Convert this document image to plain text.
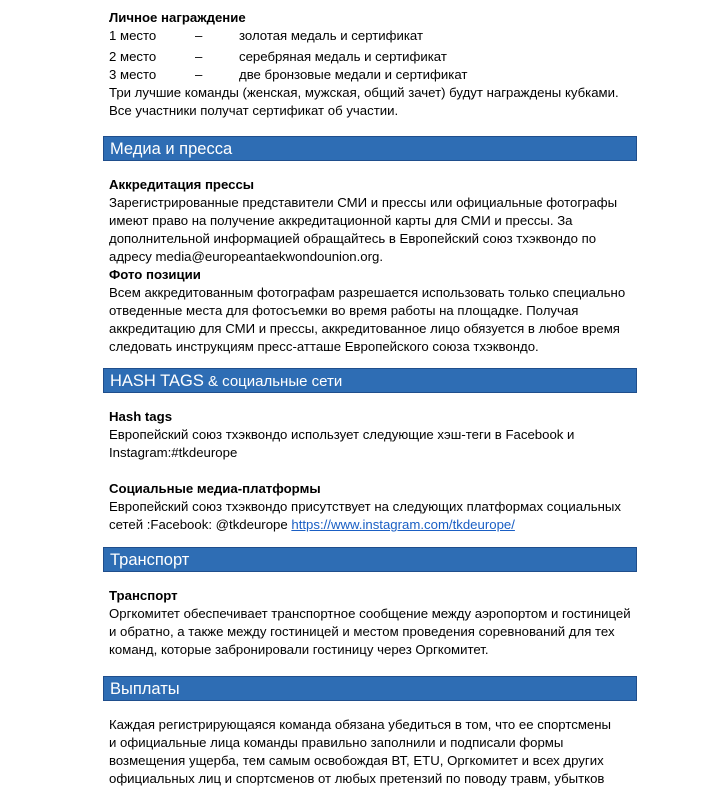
Личное награждение
1 место	–	золотая медаль и сертификат
2 место	–	серебряная медаль и сертификат
3 место	–	две бронзовые медали и сертификат
Три лучшие команды (женская, мужская, общий зачет) будут награждены кубками.
Все участники получат сертификат об участии.
Медиа и пресса
Аккредитация прессы
Зарегистрированные представители СМИ и прессы или официальные фотографы
имеют право на получение аккредитационной карты для СМИ и прессы. За
дополнительной информацией обращайтесь в Европейский союз тхэквондо по
адресу media@europeantaekwondounion.org.
Фото позиции
Всем аккредитованным фотографам разрешается использовать только специально
отведенные места для фотосъемки во время работы на площадке. Получая
аккредитацию для СМИ и прессы, аккредитованное лицо обязуется в любое время
следовать инструкциям пресс-атташе Европейского союза тхэквондо.
HASH TAGS & социальные сети
Hash tags
Европейский союз тхэквондо использует следующие хэш-теги в Facebook и
Instagram:#tkdeurope
Социальные медиа-платформы
Европейский союз тхэквондо присутствует на следующих платформах социальных
сетей :Facebook: @tkdeurope https://www.instagram.com/tkdeurope/
Транспорт
Транспорт
Оргкомитет обеспечивает транспортное сообщение между аэропортом и гостиницей
и обратно, а также между гостиницей и местом проведения соревнований для тех
команд, которые забронировали гостиницу через Оргкомитет.
Выплаты
Каждая регистрирующаяся команда обязана убедиться в том, что ее спортсмены
и официальные лица команды правильно заполнили и подписали формы
возмещения ущерба, тем самым освобождая ВТ, ETU, Оргкомитет и всех других
официальных лиц и спортсменов от любых претензий по поводу травм, убытков
